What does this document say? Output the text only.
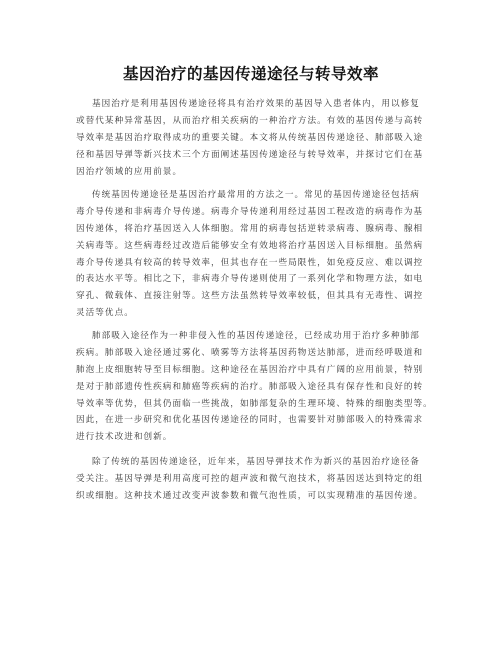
基因治疗的基因传递途径与转导效率
基因治疗是利用基因传递途径将具有治疗效果的基因导入患者体内，用以修复
或替代某种异常基因，从而治疗相关疾病的一种治疗方法。有效的基因传递与高转
导效率是基因治疗取得成功的重要关键。本文将从传统基因传递途径、肺部吸入途
径和基因导弹等新兴技术三个方面阐述基因传递途径与转导效率，并探讨它们在基
因治疗领域的应用前景。
传统基因传递途径是基因治疗最常用的方法之一。常见的基因传递途径包括病
毒介导传递和非病毒介导传递。病毒介导传递利用经过基因工程改造的病毒作为基
因传递体，将治疗基因送入人体细胞。常用的病毒包括逆转录病毒、腺病毒、腺相
关病毒等。这些病毒经过改造后能够安全有效地将治疗基因送入目标细胞。虽然病
毒介导传递具有较高的转导效率，但其也存在一些局限性，如免疫反应、难以调控
的表达水平等。相比之下，非病毒介导传递则使用了一系列化学和物理方法，如电
穿孔、微载体、直接注射等。这些方法虽然转导效率较低，但其具有无毒性、调控
灵活等优点。
肺部吸入途径作为一种非侵入性的基因传递途径，已经成功用于治疗多种肺部
疾病。肺部吸入途径通过雾化、喷雾等方法将基因药物送达肺部，进而经呼吸道和
肺泡上皮细胞转导至目标细胞。这种途径在基因治疗中具有广阔的应用前景，特别
是对于肺部遗传性疾病和肺癌等疾病的治疗。肺部吸入途径具有保存性和良好的转
导效率等优势，但其仍面临一些挑战，如肺部复杂的生理环境、特殊的细胞类型等。
因此，在进一步研究和优化基因传递途径的同时，也需要针对肺部吸入的特殊需求
进行技术改进和创新。
除了传统的基因传递途径，近年来，基因导弹技术作为新兴的基因治疗途径备
受关注。基因导弹是利用高度可控的超声波和微气泡技术，将基因送达到特定的组
织或细胞。这种技术通过改变声波参数和微气泡性质，可以实现精准的基因传递。
